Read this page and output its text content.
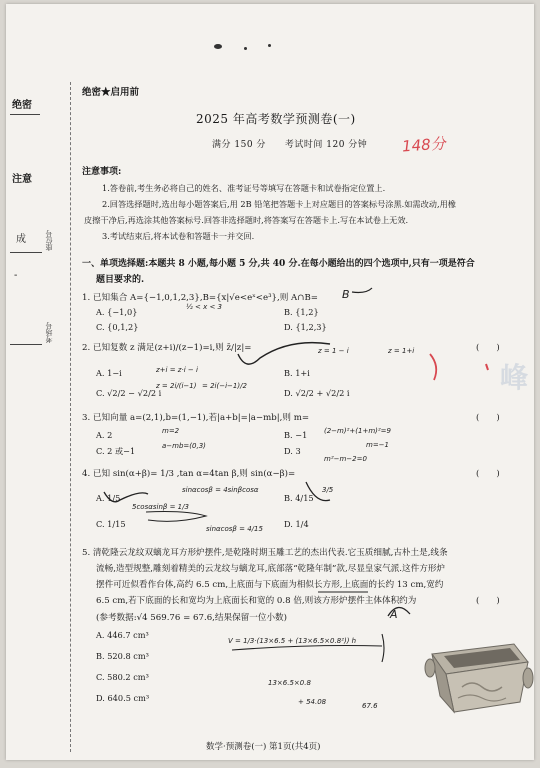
绝密
注意
成
-
座位号
考场号
绝密★启用前
2025 年高考数学预测卷(一)
满分 150 分　　考试时间 120 分钟 148分
注意事项:
1.答卷前,考生务必将自己的姓名、准考证号等填写在答题卡和试卷指定位置上.
2.回答选择题时,选出每小题答案后,用 2B 铅笔把答题卡上对应题目的答案标号涂黑.如需改动,用橡
皮擦干净后,再选涂其他答案标号.回答非选择题时,将答案写在答题卡上.写在本试卷上无效.
3.考试结束后,将本试卷和答题卡一并交回.
一、单项选择题:本题共 8 小题,每小题 5 分,共 40 分.在每小题给出的四个选项中,只有一项是符合
题目要求的.
1. 已知集合 A={−1,0,1,2,3},B={x|√e<eˣ<e³},则 A∩B= B
½ < x < 3
A. {−1,0}	B. {1,2}
C. {0,1,2}	D. {1,2,3}
2. 已知复数 z 满足(z+i)/(z−1)=i,则 z̄/|z|=	(　　)
z+i = z·i − i
z = 2i/(i−1) = 2i(−i−1)/2
z = 1 − i	z = 1+i
A. 1−i	B. 1+i
C. √2/2 − √2/2 i	D. √2/2 + √2/2 i	峰
3. 已知向量 a=(2,1),b=(1,−1),若|a+b|=|a−mb|,则 m=	(　　)
m=2
a−mb=(0,3)
(2−m)²+(1+m)²=9
m=−1
m²−m−2=0
A. 2	B. −1
C. 2 或−1	D. 3
4. 已知 sin(α+β)= 1/3 ,tan α=4tan β,则 sin(α−β)=	(　　)
sinαcosβ = 4sinβcosα
5cosαsinβ = 1/3
sinαcosβ = 4/15
3/5
A. 1/5	B. 4/15
C. 1/15	D. 1/4
5. 清乾隆云龙纹双螭龙耳方形炉摆件,是乾隆时期玉雕工艺的杰出代表.它玉质细腻,古朴土是,线条
流畅,造型规整,雕刻着精美的云龙纹与螭龙耳,底部落“乾隆年制”款,尽显皇家气派.这件方形炉
摆件可近似看作台体,高约 6.5 cm,上底面与下底面为相似长方形,上底面的长约 13 cm,宽约
6.5 cm,若下底面的长和宽均为上底面长和宽的 0.8 倍,则该方形炉摆件主体体积约为
(参考数据:√4 569.76 = 67.6,结果保留一位小数)
(　　)
A
A. 446.7 cm³
B. 520.8 cm³
C. 580.2 cm³
D. 640.5 cm³
V = 1/3·(13×6.5 + (13×6.5×0.8²)) h
13×6.5×0.8
67.6
+ 54.08
数学·预测卷(一) 第1页(共4页)
